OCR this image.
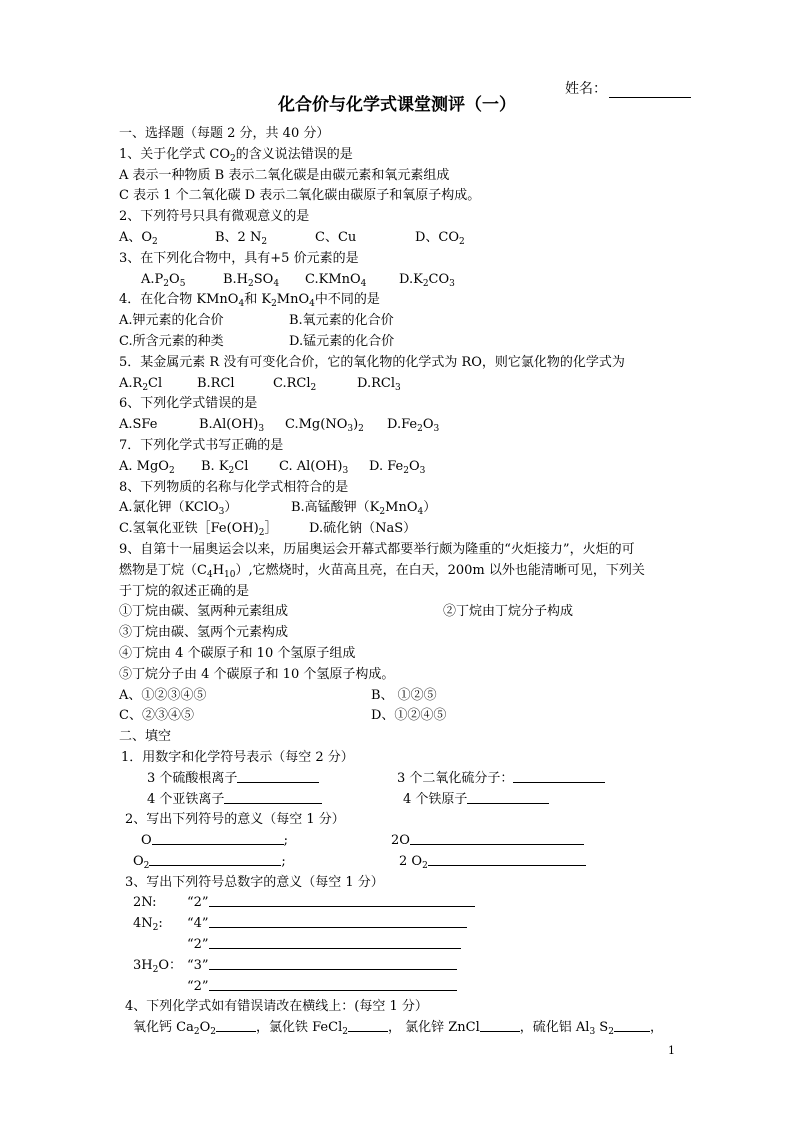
姓名：
化合价与化学式课堂测评（一）
一、选择题（每题 2 分，共 40 分）
1、关于化学式 $CO_2$的含义说法错误的是
A 表示一种物质 B 表示二氧化碳是由碳元素和氧元素组成
C 表示 1 个二氧化碳 D 表示二氧化碳由碳原子和氧原子构成。
2、下列符号只具有微观意义的是
A、$O_2$	B、2 $N_2$	C、Cu	D、$CO_2$
3、在下列化合物中，具有+5 价元素的是
$A.P_2O_5$	$B.H_2SO_4$ C.KMnO$_4$	$D.K_2CO_3$
4．在化合物 KMnO$_4$和 $K_2MnO_4$中不同的是
A.钾元素的化合价	B.氧元素的化合价
C.所含元素的种类	D.锰元素的化合价
5．某金属元素 R 没有可变化合价，它的氧化物的化学式为 RO，则它氯化物的化学式为
$A.R_2Cl$	B.RCl	C.RCl$_2$	D.RCl$_3$
6、下列化学式错误的是
A.SFe	$B.Al(OH)_3$ $C.Mg(NO_3)_2$ $D.Fe_2O_3$
7．下列化学式书写正确的是
A. MgO$_2$ B. $K_2Cl$ C. $Al(OH)_3$ D. $Fe_2O_3$
8、下列物质的名称与化学式相符合的是
A.氯化钾（KClO$_3$）	B.高锰酸钾$(K_2MnO_4)$
C.氢氧化亚铁$[Fe(OH)_2]$ D.硫化钠（NaS）
9、自第十一届奥运会以来，历届奥运会开幕式都要举行颇为隆重的“火炬接力”，火炬的可
燃物是丁烷$(C_4H_{10})$,它燃烧时，火苗高且亮，在白天，200m 以外也能清晰可见，下列关
于丁烷的叙述正确的是
①丁烷由碳、氢两种元素组成	②丁烷由丁烷分子构成
③丁烷由碳、氢两个元素构成
④丁烷由 4 个碳原子和 10 个氢原子组成
⑤丁烷分子由 4 个碳原子和 10 个氢原子构成。
A、①②③④⑤	B、 ①②⑤
C、②③④⑤	D、①②④⑤
二、填空
1．用数字和化学符号表示（每空 2 分）
3 个硫酸根离子	3 个二氧化硫分子：
4 个亚铁离子	4 个铁原子
2、写出下列符号的意义（每空 1 分）
O	;	2O
$O_2$	;	2 $O_2$
3、写出下列符号总数字的意义（每空 1 分）
2N: “2”
$4N_2$: “4”
“2”
$3H_2O$： “3”
“2”
4、下列化学式如有错误请改在横线上：(每空 1 分）
氧化钙 $Ca_2O_2$	，氯化铁 FeCl$_2$	， 氯化锌 ZnCl	，硫化铝 $Al_3$ $S_2$	，
1
